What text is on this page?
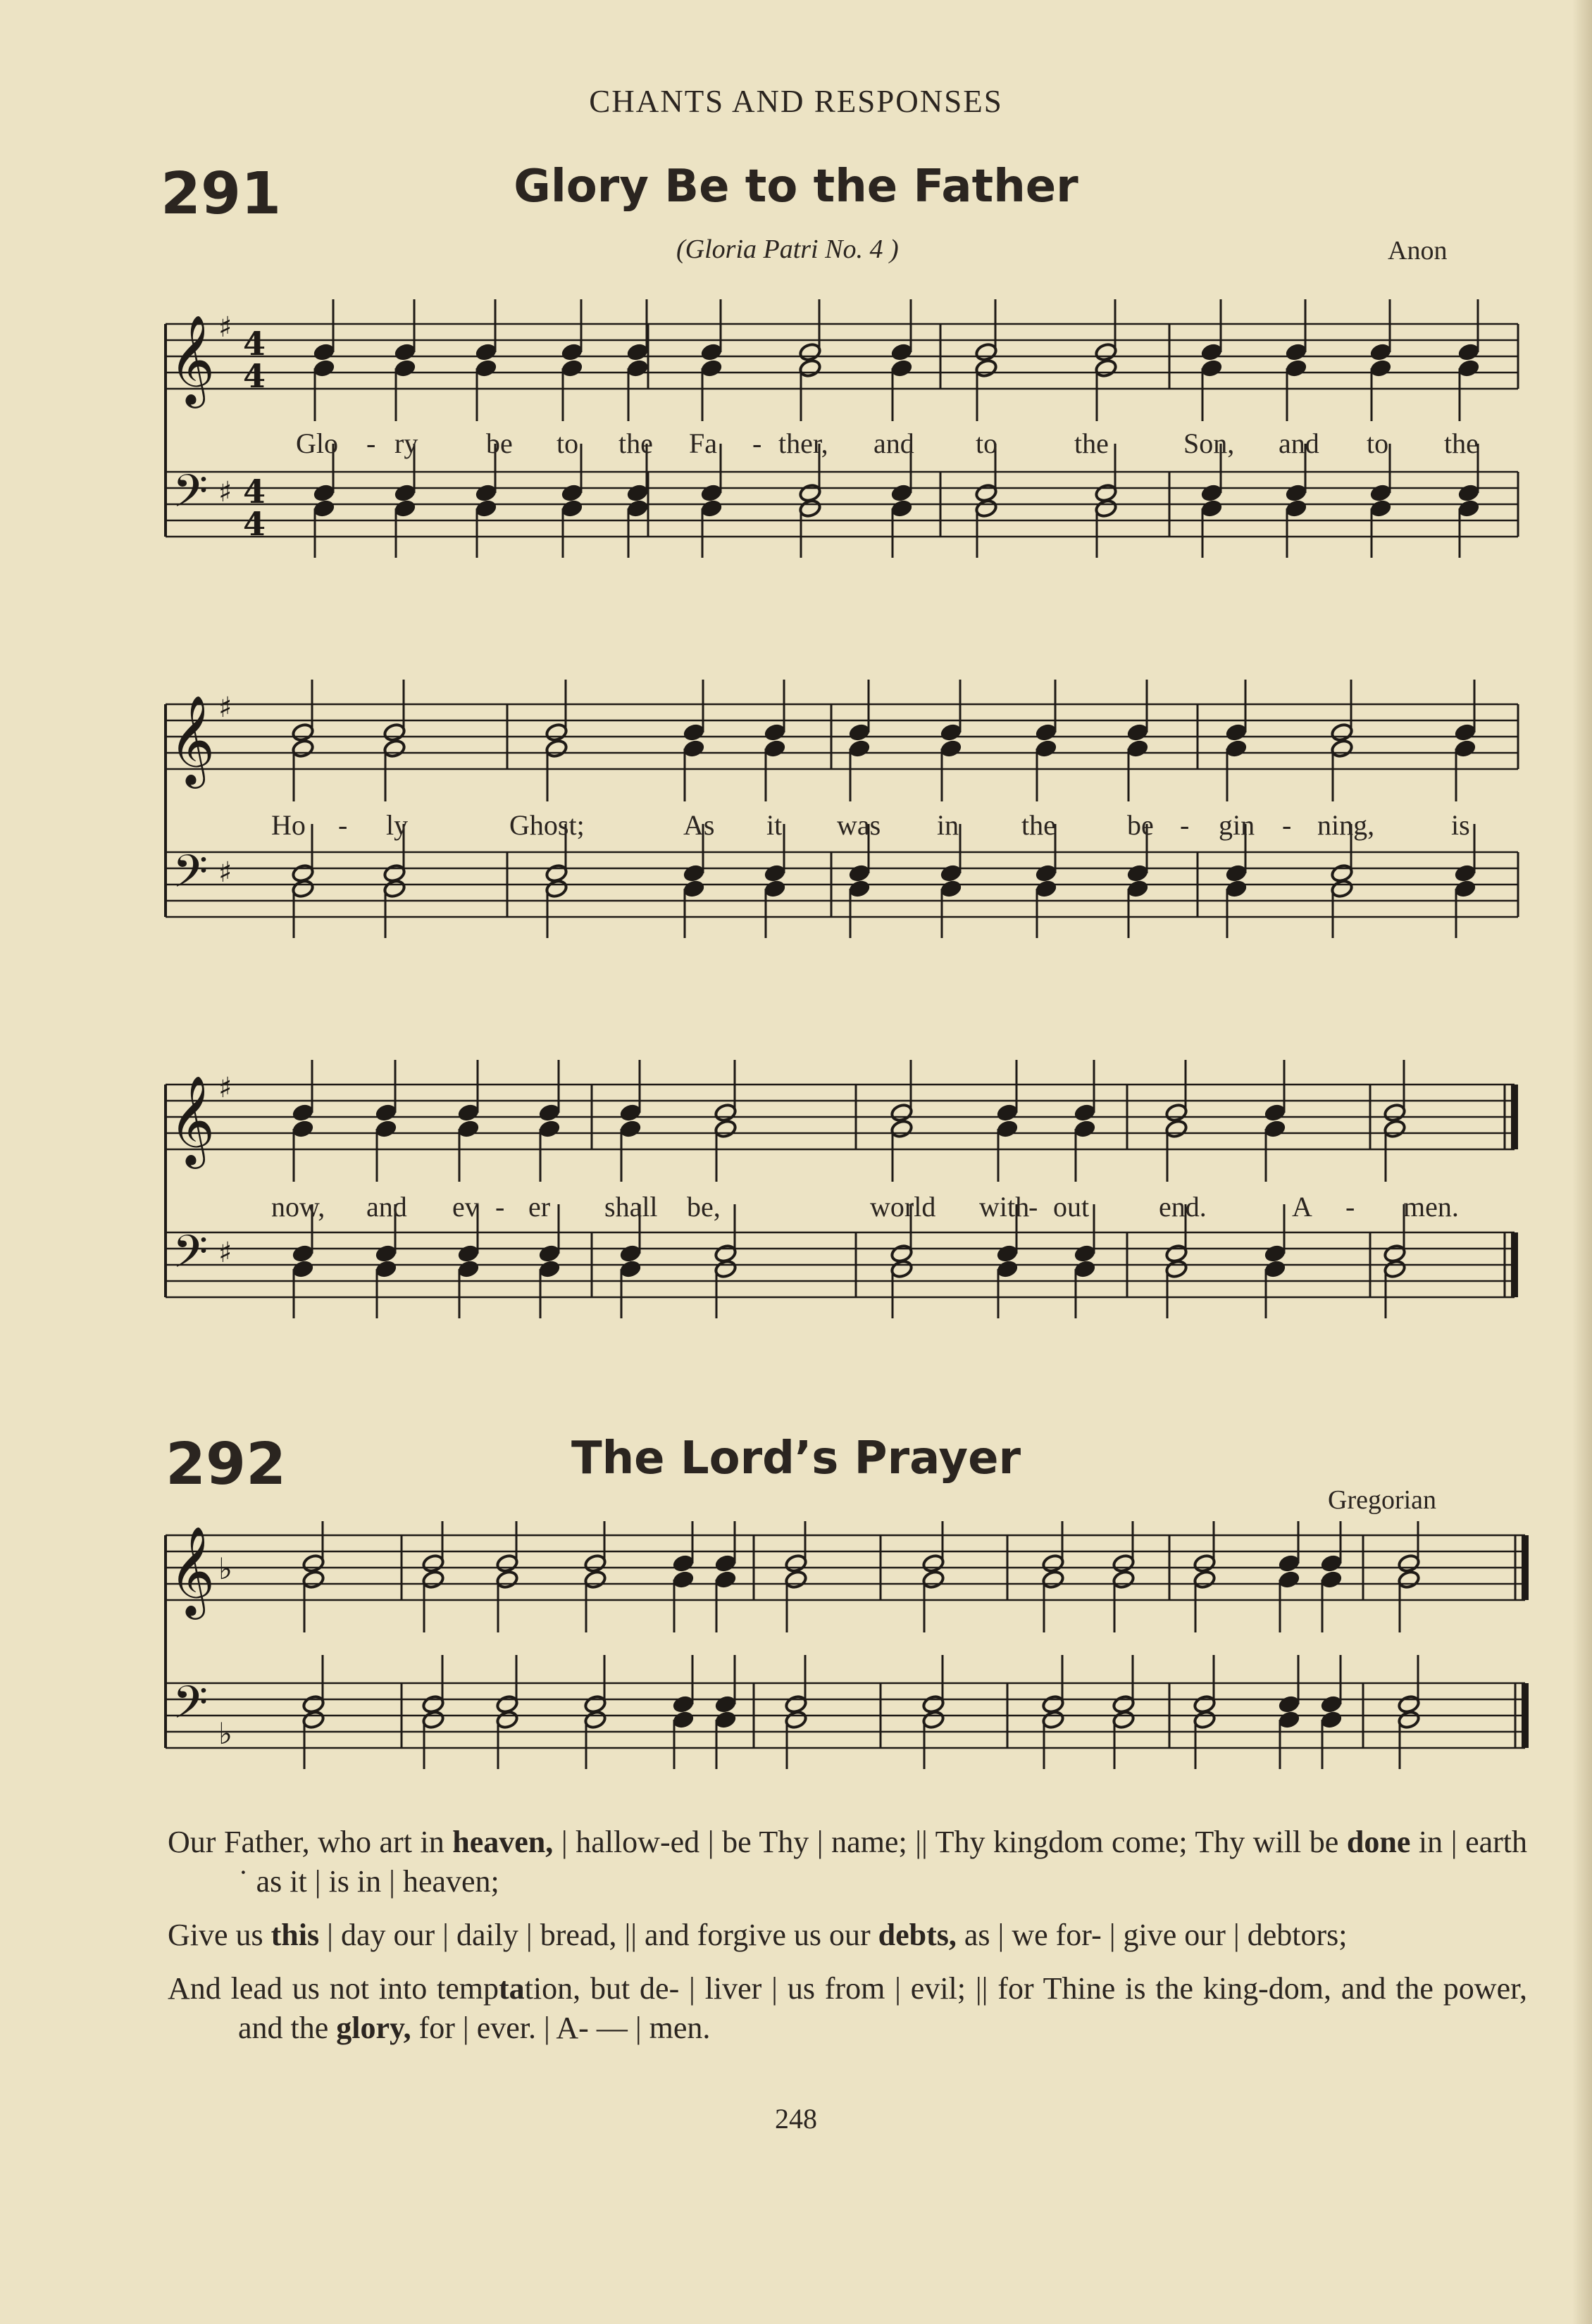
CHANTS AND RESPONSES
291	Glory Be to the Father
(Gloria Patri No. 4 )	Anon
𝄞
𝄢
♯
♯
4
4
4
4
Glo - ry be to the Fa - ther, and to	the	Son, and to the
𝄞
𝄢
♯
♯
Ho - ly	Ghost;	As it was in the	be - gin - ning,	is
𝄞
𝄢
♯
♯
now, and ev - er shall be,	world with
- out end.	A - men.
292	The Lord’s Prayer
Gregorian
𝄞
𝄢
♭
♭

Our Father, who art in heaven, | hallow-ed | be Thy | name; || Thy kingdom come; Thy will be done in | earth ˙ as it | is in | heaven;

Give us this | day our | daily | bread, || and forgive us our debts, as | we for- | give our | debtors;

And lead us not into temptation, but de- | liver | us from | evil; || for Thine is the king-dom, and the power, and the glory, for | ever. | A- — | men.

248
